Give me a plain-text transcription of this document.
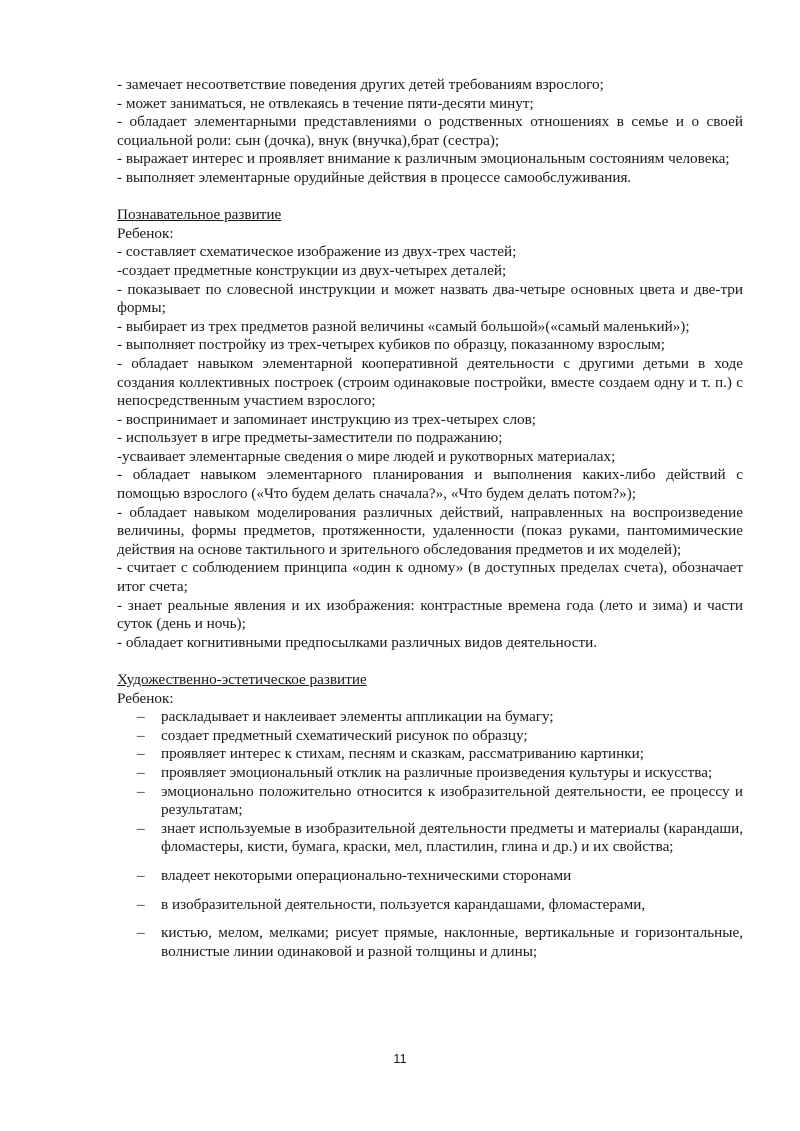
- замечает несоответствие поведения других детей требованиям взрослого;

- может заниматься, не отвлекаясь в течение пяти-десяти минут;

- обладает элементарными представлениями о родственных отношениях в семье и о своей социальной роли: сын (дочка), внук (внучка),брат (сестра);

- выражает интерес и проявляет внимание к различным эмоциональным состояниям человека;

- выполняет элементарные орудийные действия в процессе самообслуживания.

Познавательное развитие

Ребенок:

- составляет схематическое изображение из двух-трех частей;

-создает предметные конструкции из двух-четырех деталей;

- показывает по словесной инструкции и может назвать два-четыре основных цвета и две-три формы;

- выбирает из трех предметов разной величины «самый большой»(«самый маленький»);

- выполняет постройку из трех-четырех кубиков по образцу, показанному взрослым;

- обладает навыком элементарной кооперативной деятельности с другими детьми в ходе создания коллективных построек (строим одинаковые постройки, вместе создаем одну и т. п.) с непосредственным участием взрослого;

- воспринимает и запоминает инструкцию из трех-четырех слов;

- использует в игре предметы-заместители по подражанию;

-усваивает элементарные сведения о мире людей и рукотворных материалах;

- обладает навыком элементарного планирования и выполнения каких-либо действий с помощью взрослого («Что будем делать сначала?», «Что будем делать потом?»);

- обладает навыком моделирования различных действий, направленных на воспроизведение величины, формы предметов, протяженности, удаленности (показ руками, пантомимические действия на основе тактильного и зрительного обследования предметов и их моделей);

- считает с соблюдением принципа «один к одному» (в доступных пределах счета), обозначает итог счета;

- знает реальные явления и их изображения: контрастные времена года (лето и зима) и части суток (день и ночь);

- обладает когнитивными предпосылками различных видов деятельности.

Художественно-эстетическое развитие

Ребенок:

– раскладывает и наклеивает элементы аппликации на бумагу;
– создает предметный схематический рисунок по образцу;
– проявляет интерес к стихам, песням и сказкам, рассматриванию картинки;
– проявляет эмоциональный отклик на различные произведения культуры и искусства;
– эмоционально положительно относится к изобразительной деятельности, ее процессу и результатам;
– знает используемые в изобразительной деятельности предметы и материалы (карандаши, фломастеры, кисти, бумага, краски, мел, пластилин, глина и др.) и их свойства;
– владеет некоторыми операционально-техническими сторонами
– в изобразительной деятельности, пользуется карандашами, фломастерами,
– кистью, мелом, мелками; рисует прямые, наклонные, вертикальные и горизонтальные, волнистые линии одинаковой и разной толщины и длины;
11
